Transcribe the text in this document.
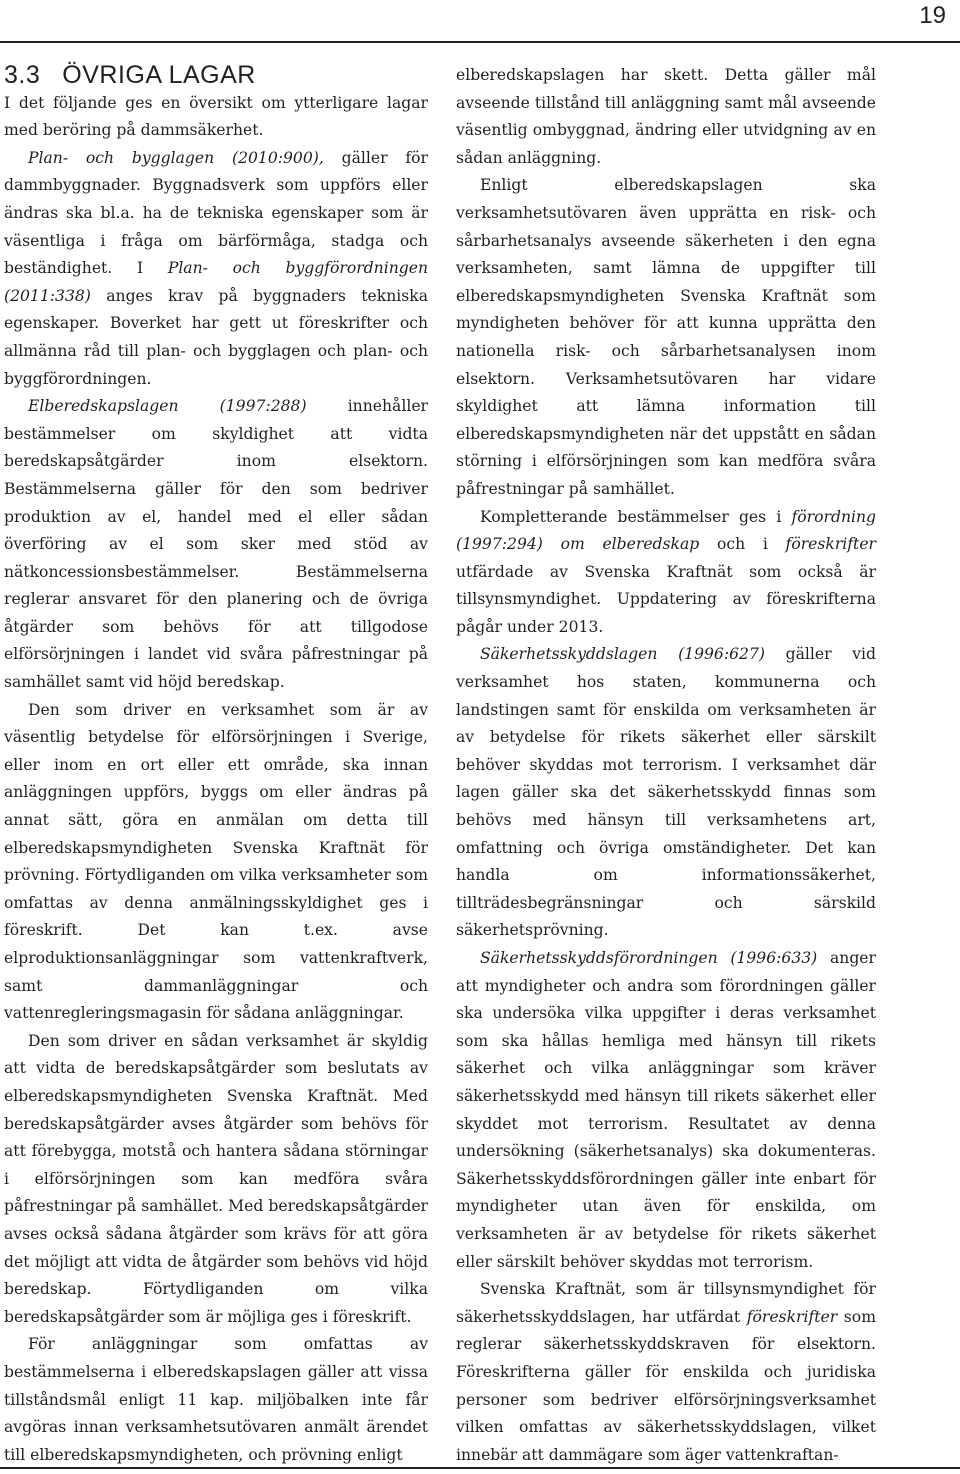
19
3.3 ÖVRIGA LAGAR

I det följande ges en översikt om ytterligare lagar med beröring på dammsäkerhet.

Plan- och bygglagen (2010:900), gäller för dammbyggnader. Byggnadsverk som uppförs eller ändras ska bl.a. ha de tekniska egenskaper som är väsentliga i fråga om bärförmåga, stadga och beständighet. I Plan- och byggförordningen (2011:338) anges krav på byggnaders tekniska egenskaper. Boverket har gett ut föreskrifter och allmänna råd till plan- och bygglagen och plan- och byggförordningen.

Elberedskapslagen (1997:288) innehåller bestämmelser om skyldighet att vidta beredskapsåtgärder inom elsektorn. Bestämmelserna gäller för den som bedriver produktion av el, handel med el eller sådan överföring av el som sker med stöd av nätkoncessionsbestämmelser. Bestämmelserna reglerar ansvaret för den planering och de övriga åtgärder som behövs för att tillgodose elförsörjningen i landet vid svåra påfrestningar på samhället samt vid höjd beredskap.

Den som driver en verksamhet som är av väsentlig betydelse för elförsörjningen i Sverige, eller inom en ort eller ett område, ska innan anläggningen uppförs, byggs om eller ändras på annat sätt, göra en anmälan om detta till elberedskapsmyndigheten Svenska Kraftnät för prövning. Förtydliganden om vilka verksamheter som omfattas av denna anmälningsskyldighet ges i föreskrift. Det kan t.ex. avse elproduktionsanläggningar som vattenkraftverk, samt dammanläggningar och vattenregleringsmagasin för sådana anläggningar.

Den som driver en sådan verksamhet är skyldig att vidta de beredskapsåtgärder som beslutats av elberedskapsmyndigheten Svenska Kraftnät. Med beredskapsåtgärder avses åtgärder som behövs för att förebygga, motstå och hantera sådana störningar i elförsörjningen som kan medföra svåra påfrestningar på samhället. Med beredskapsåtgärder avses också sådana åtgärder som krävs för att göra det möjligt att vidta de åtgärder som behövs vid höjd beredskap. Förtydliganden om vilka beredskapsåtgärder som är möjliga ges i föreskrift.

För anläggningar som omfattas av bestämmelserna i elberedskapslagen gäller att vissa tillståndsmål enligt 11 kap. miljöbalken inte får avgöras innan verksamhetsutövaren anmält ärendet till elberedskapsmyndigheten, och prövning enligt

elberedskapslagen har skett. Detta gäller mål avseende tillstånd till anläggning samt mål avseende väsentlig ombyggnad, ändring eller utvidgning av en sådan anläggning.

Enligt elberedskapslagen ska verksamhetsutövaren även upprätta en risk- och sårbarhetsanalys avseende säkerheten i den egna verksamheten, samt lämna de uppgifter till elberedskapsmyndigheten Svenska Kraftnät som myndigheten behöver för att kunna upprätta den nationella risk- och sårbarhetsanalysen inom elsektorn. Verksamhetsutövaren har vidare skyldighet att lämna information till elberedskapsmyndigheten när det uppstått en sådan störning i elförsörjningen som kan medföra svåra påfrestningar på samhället.

Kompletterande bestämmelser ges i förordning (1997:294) om elberedskap och i föreskrifter utfärdade av Svenska Kraftnät som också är tillsynsmyndighet. Uppdatering av föreskrifterna pågår under 2013.

Säkerhetsskyddslagen (1996:627) gäller vid verksamhet hos staten, kommunerna och landstingen samt för enskilda om verksamheten är av betydelse för rikets säkerhet eller särskilt behöver skyddas mot terrorism. I verksamhet där lagen gäller ska det säkerhetsskydd finnas som behövs med hänsyn till verksamhetens art, omfattning och övriga omständigheter. Det kan handla om informationssäkerhet, tillträdesbegränsningar och särskild säkerhetsprövning.

Säkerhetsskyddsförordningen (1996:633) anger att myndigheter och andra som förordningen gäller ska undersöka vilka uppgifter i deras verksamhet som ska hållas hemliga med hänsyn till rikets säkerhet och vilka anläggningar som kräver säkerhetsskydd med hänsyn till rikets säkerhet eller skyddet mot terrorism. Resultatet av denna undersökning (säkerhetsanalys) ska dokumenteras. Säkerhetsskyddsförordningen gäller inte enbart för myndigheter utan även för enskilda, om verksamheten är av betydelse för rikets säkerhet eller särskilt behöver skyddas mot terrorism.

Svenska Kraftnät, som är tillsynsmyndighet för säkerhetsskyddslagen, har utfärdat föreskrifter som reglerar säkerhetsskyddskraven för elsektorn. Föreskrifterna gäller för enskilda och juridiska personer som bedriver elförsörjningsverksamhet vilken omfattas av säkerhetsskyddslagen, vilket innebär att dammägare som äger vattenkraftan-
